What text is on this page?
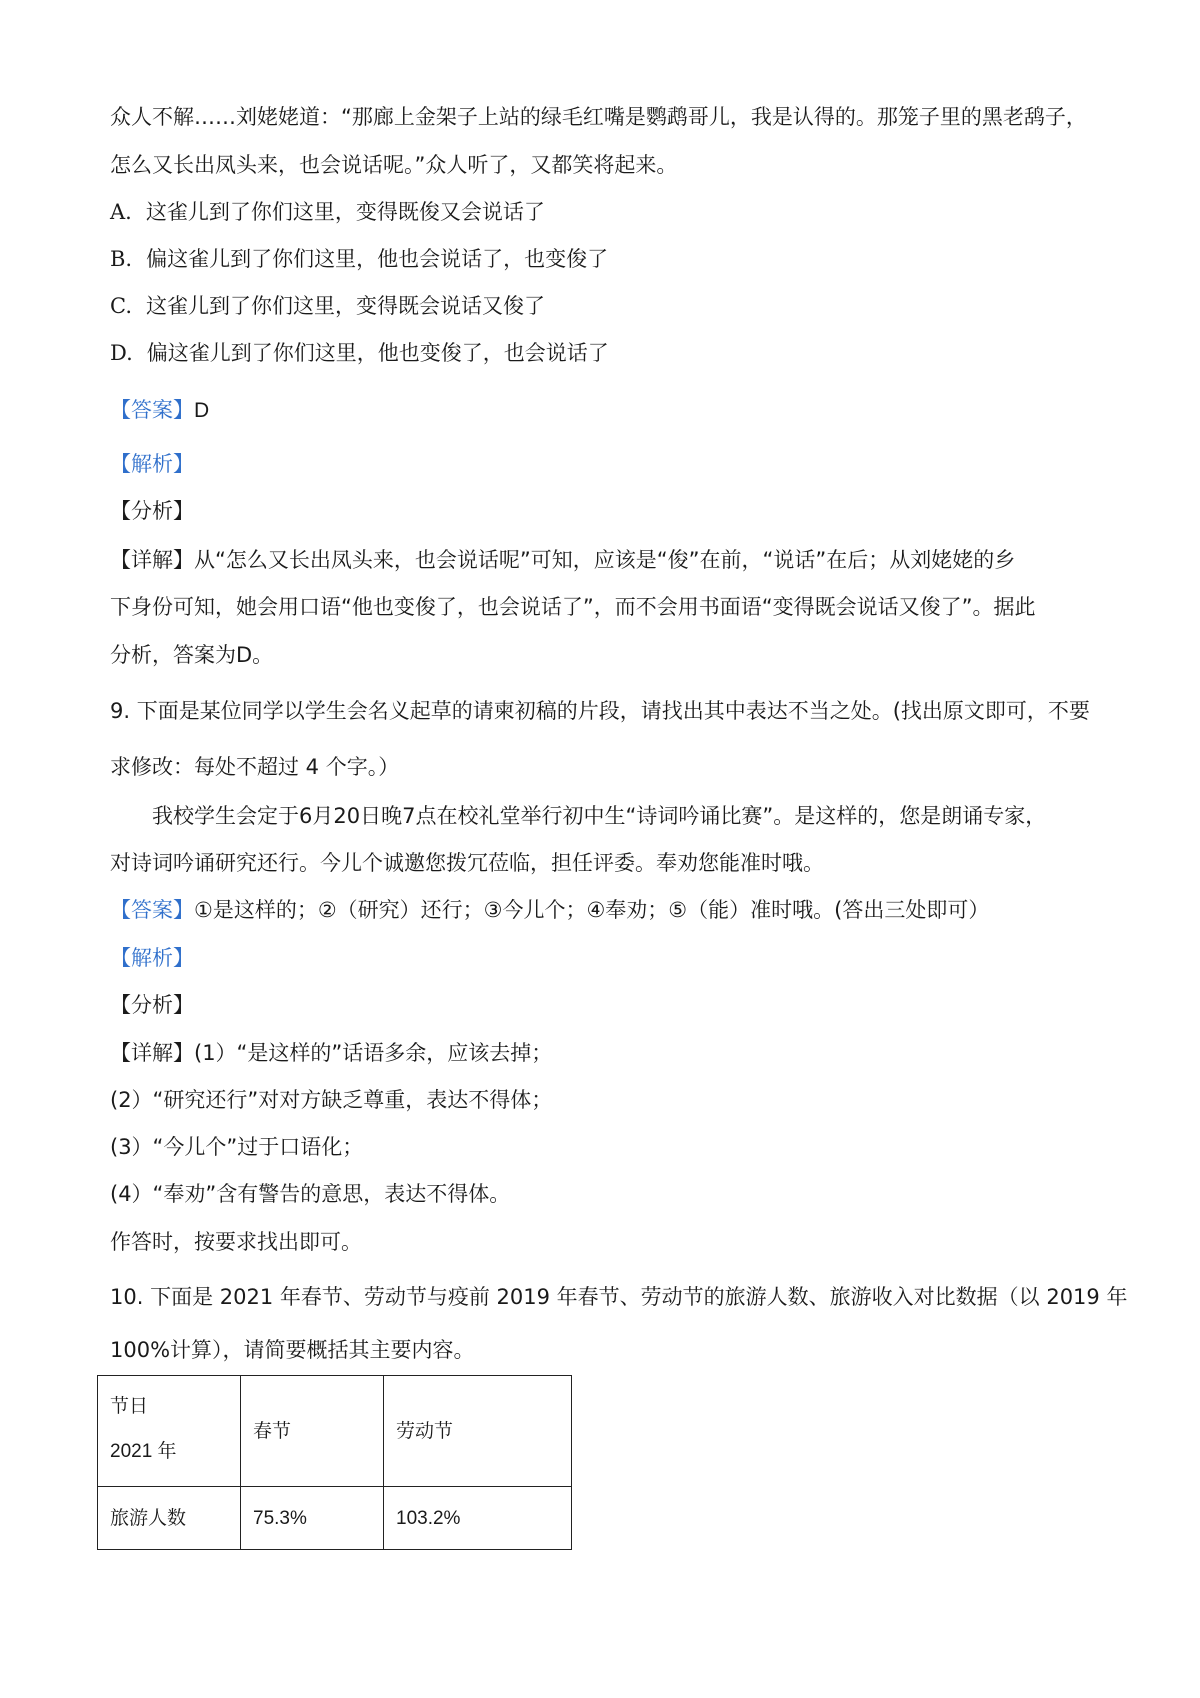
众人不解……刘姥姥道：“那廊上金架子上站的绿毛红嘴是鹦鹉哥儿，我是认得的。那笼子里的黑老鸹子，
怎么又长出凤头来，也会说话呢。”众人听了，又都笑将起来。
A. 这雀儿到了你们这里，变得既俊又会说话了
B. 偏这雀儿到了你们这里，他也会说话了，也变俊了
C. 这雀儿到了你们这里，变得既会说话又俊了
D. 偏这雀儿到了你们这里，他也变俊了，也会说话了
【答案】D
【解析】
【分析】
【详解】从“怎么又长出凤头来，也会说话呢”可知，应该是“俊”在前，“说话”在后；从刘姥姥的乡
下身份可知，她会用口语“他也变俊了，也会说话了”，而不会用书面语“变得既会说话又俊了”。据此
分析，答案为D。
9. 下面是某位同学以学生会名义起草的请柬初稿的片段，请找出其中表达不当之处。(找出原文即可，不要
求修改：每处不超过 4 个字。）
我校学生会定于6月20日晚7点在校礼堂举行初中生“诗词吟诵比赛”。是这样的，您是朗诵专家，
对诗词吟诵研究还行。今儿个诚邀您拨冗莅临，担任评委。奉劝您能准时哦。
【答案】①是这样的；②（研究）还行；③今儿个；④奉劝；⑤（能）准时哦。(答出三处即可）
【解析】
【分析】
【详解】(1）“是这样的”话语多余，应该去掉；
(2）“研究还行”对对方缺乏尊重，表达不得体；
(3）“今儿个”过于口语化；
(4）“奉劝”含有警告的意思，表达不得体。
作答时，按要求找出即可。
10. 下面是 2021 年春节、劳动节与疫前 2019 年春节、劳动节的旅游人数、旅游收入对比数据（以 2019 年
100%计算），请简要概括其主要内容。
节日
2021 年	春节	劳动节
旅游人数	75.3%	103.2%
